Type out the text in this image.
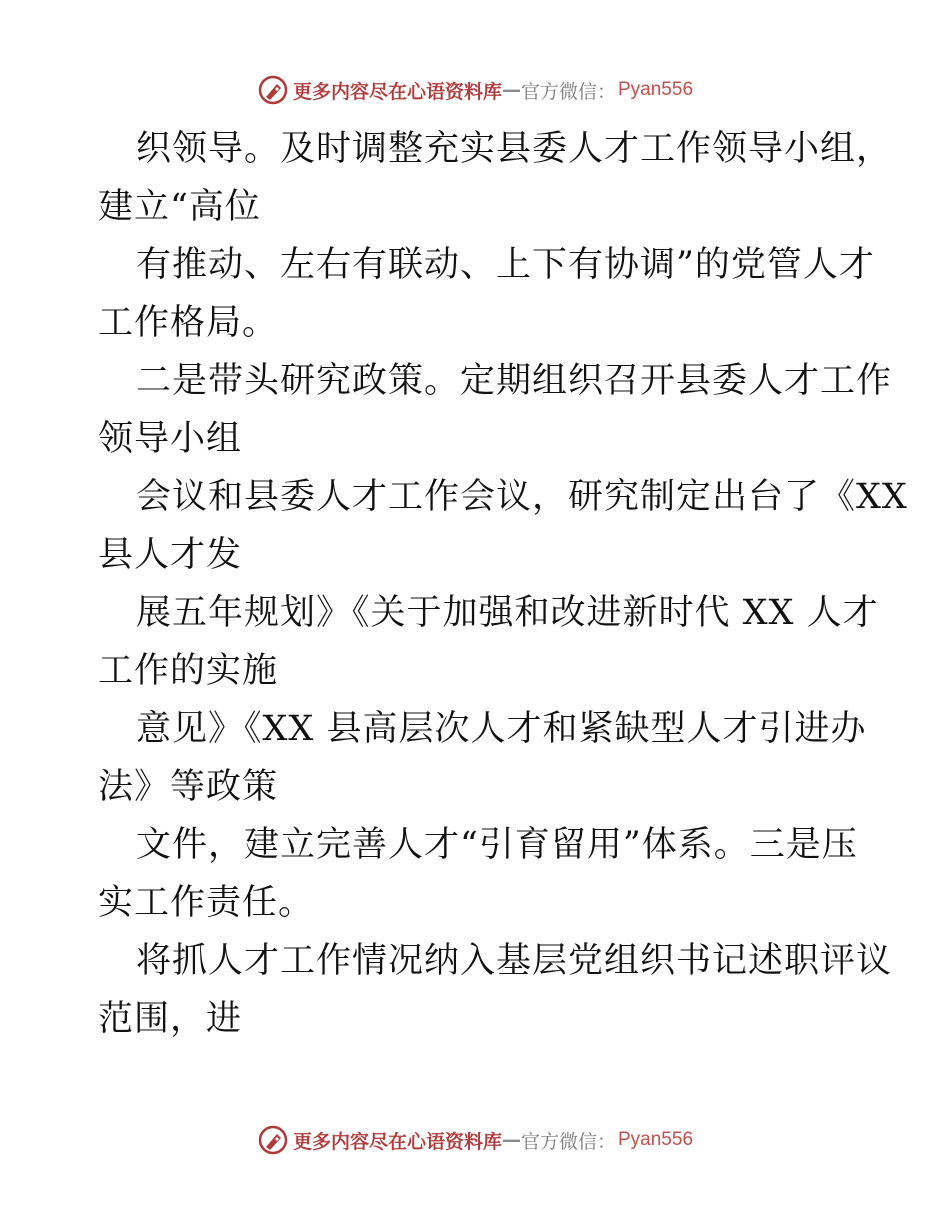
更多内容尽在心语资料库 — 官方微信： Pyan556
织领导。及时调整充实县委人才工作领导小组，
建立“高位
有推动、左右有联动、上下有协调”的党管人才
工作格局。
二是带头研究政策。定期组织召开县委人才工作
领导小组
会议和县委人才工作会议，研究制定出台了《XX
县人才发
展五年规划》《关于加强和改进新时代 XX 人才
工作的实施
意见》《XX 县高层次人才和紧缺型人才引进办
法》等政策
文件，建立完善人才“引育留用”体系。三是压
实工作责任。
将抓人才工作情况纳入基层党组织书记述职评议
范围，进
更多内容尽在心语资料库 — 官方微信： Pyan556
